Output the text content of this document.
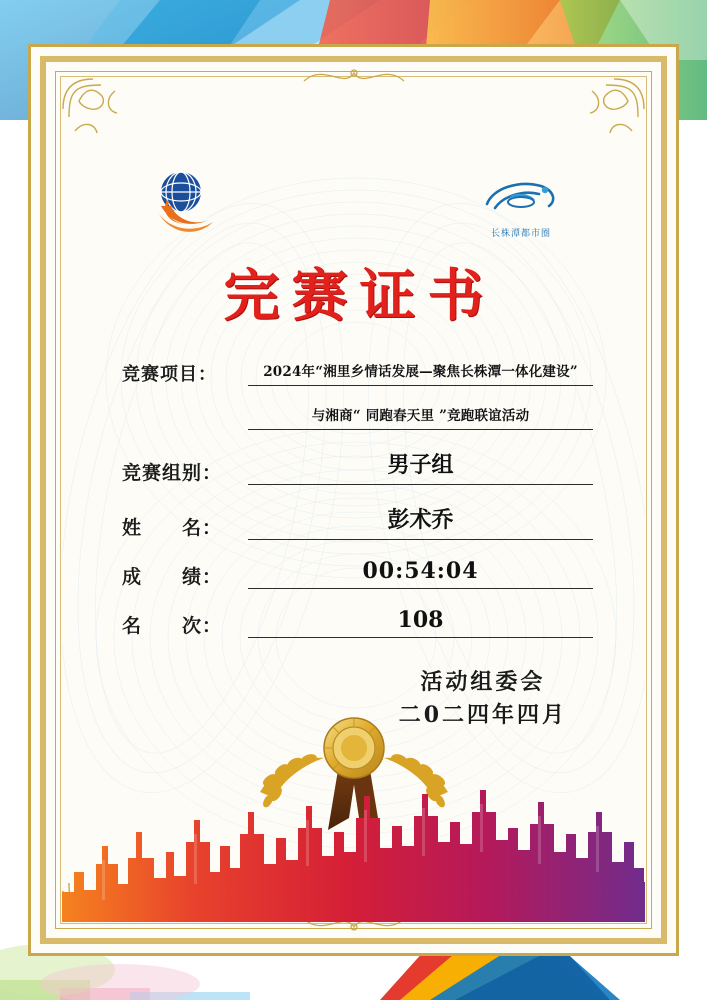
长株潭都市圈
完赛证书
竞赛项目：	2024年“湘里乡情话发展—聚焦长株潭一体化建设”
与湘商“ 同跑春天里 ”竞跑联谊活动
竞赛组别：	男子组
姓　　名：	彭术乔
成　　绩：	00:54:04
名　　次：	108
活动组委会
二0二四年四月
